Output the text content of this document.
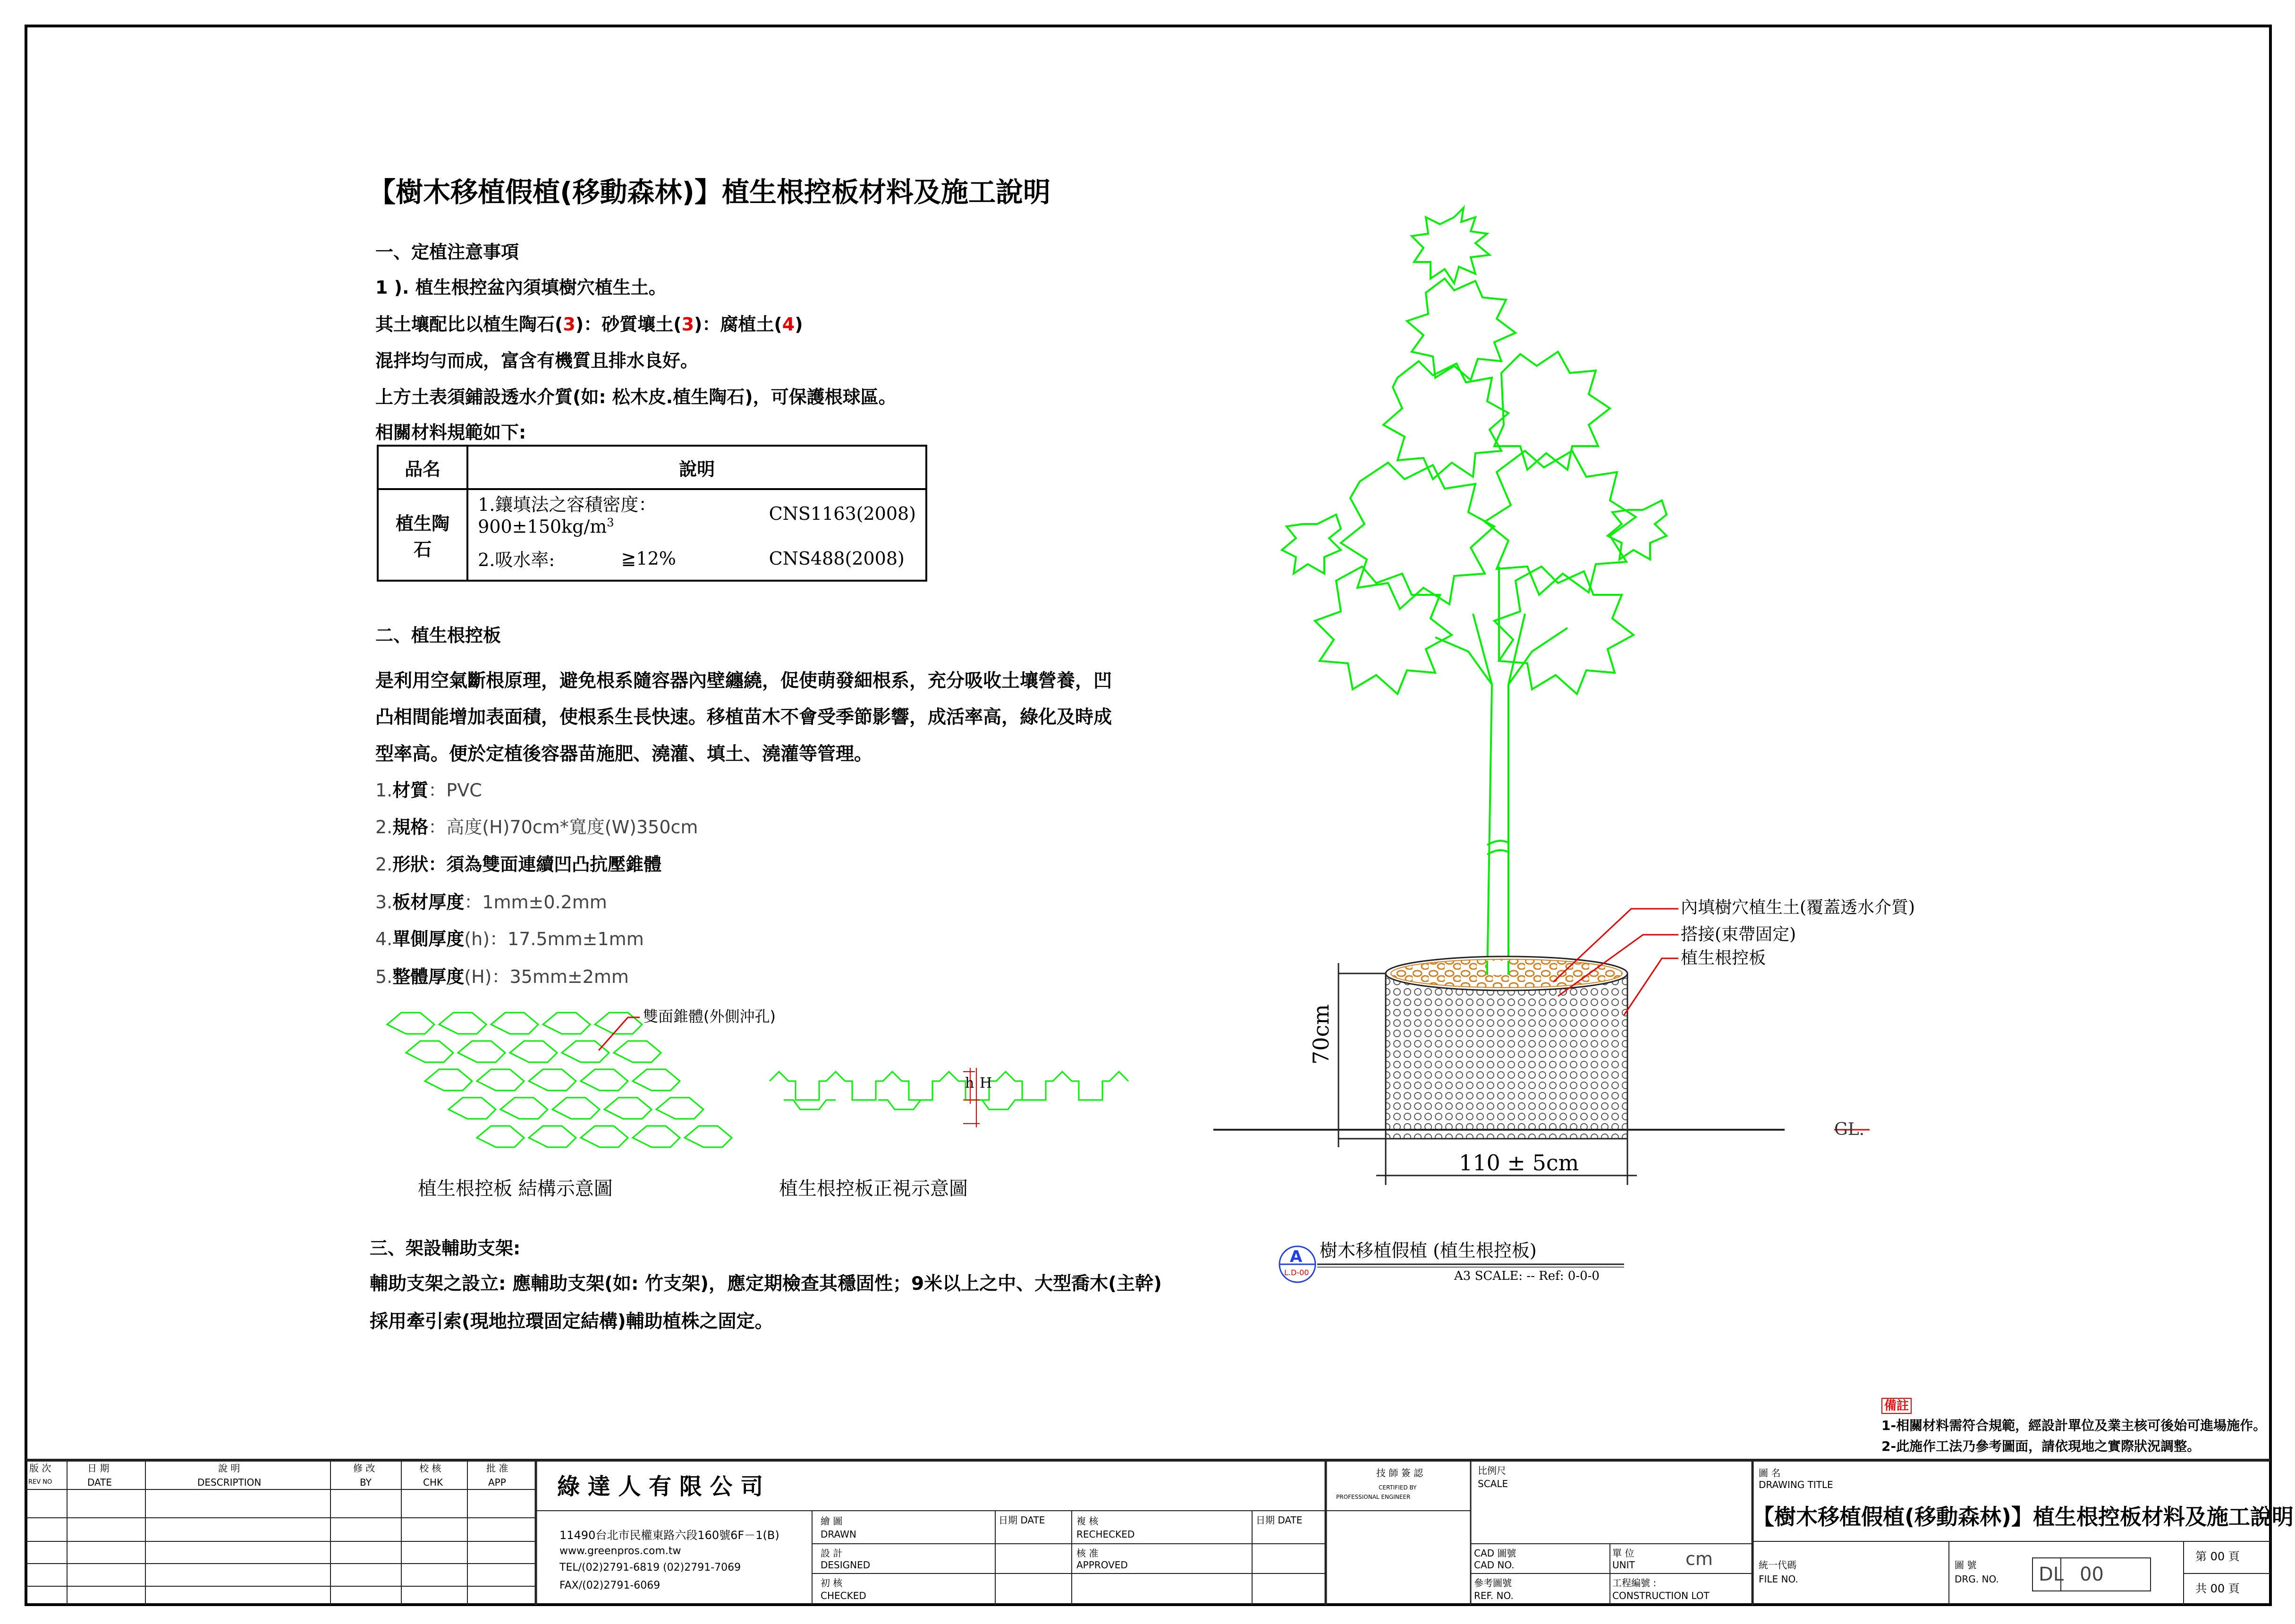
【樹木移植假植(移動森林)】植生根控板材料及施工說明
一、定植注意事項
1 ). 植生根控盆內須填樹穴植生土。
其土壤配比以植生陶石(3)：砂質壤土(3)：腐植土(4)
混拌均勻而成，富含有機質且排水良好。
上方土表須鋪設透水介質(如: 松木皮.植生陶石)，可保護根球區。
相關材料規範如下:
品名	說明		
植生陶石	1.鑲填法之容積密度：$900\pm 150kg/m^3$		CNS1163(2008)
	2.吸水率:	≧12%	CNS488(2008)
二、植生根控板
是利用空氣斷根原理，避免根系隨容器內壁纏繞，促使萌發細根系，充分吸收土壤營養，凹
凸相間能增加表面積，使根系生長快速。移植苗木不會受季節影響，成活率高，綠化及時成
型率高。便於定植後容器苗施肥、澆灌、填土、澆灌等管理。
1.材質：PVC
2.規格：高度(H)70cm*寬度(W)350cm
2.形狀：須為雙面連續凹凸抗壓錐體
3.板材厚度：1mm±0.2mm
4.單側厚度(h)：17.5mm±1mm
5.整體厚度(H)：35mm±2mm
雙面錐體(外側沖孔)
h H
植生根控板 結構示意圖	植生根控板正視示意圖
三、架設輔助支架:
輔助支架之設立: 應輔助支架(如: 竹支架)，應定期檢查其穩固性；9米以上之中、大型喬木(主幹)
採用牽引索(現地拉環固定結構)輔助植株之固定。
內填樹穴植生土(覆蓋透水介質)
搭接(束帶固定)
植生根控板
GL.
70cm
110 ± 5cm
A
L.D-00
樹木移植假植 (植生根控板)
A3 SCALE: -- Ref: 0-0-0
備註
1-相關材料需符合規範，經設計單位及業主核可後始可進場施作。
2-此施作工法乃參考圖面，請依現地之實際狀況調整。
版 次
REV NO
日 期
DATE
說 明
DESCRIPTION
修 改
BY
校 核
CHK
批 准
APP 綠 達 人 有 限 公 司
11490台北市民權東路六段160號6F－1(B)
www.greenpros.com.tw
TEL/(02)2791-6819 (02)2791-7069
FAX/(02)2791-6069
繪 圖
DRAWN
設 計
DESIGNED
初 核
CHECKED
日期 DATE	複 核
RECHECKED
核 准
APPROVED
日期 DATE
技 師 簽 認
CERTIFIED BY
PROFESSIONAL ENGINEER
比例尺
SCALE
CAD 圖號
CAD NO.
單 位
UNIT	cm
參考圖號
REF. NO.
工程編號 :
CONSTRUCTION LOT
圖 名
DRAWING TITLE
【樹木移植假植(移動森林)】植生根控板材料及施工說明
統一代碼
FILE NO.
圖 號
DRG. NO. DL 00
第 00 頁
共 00 頁
